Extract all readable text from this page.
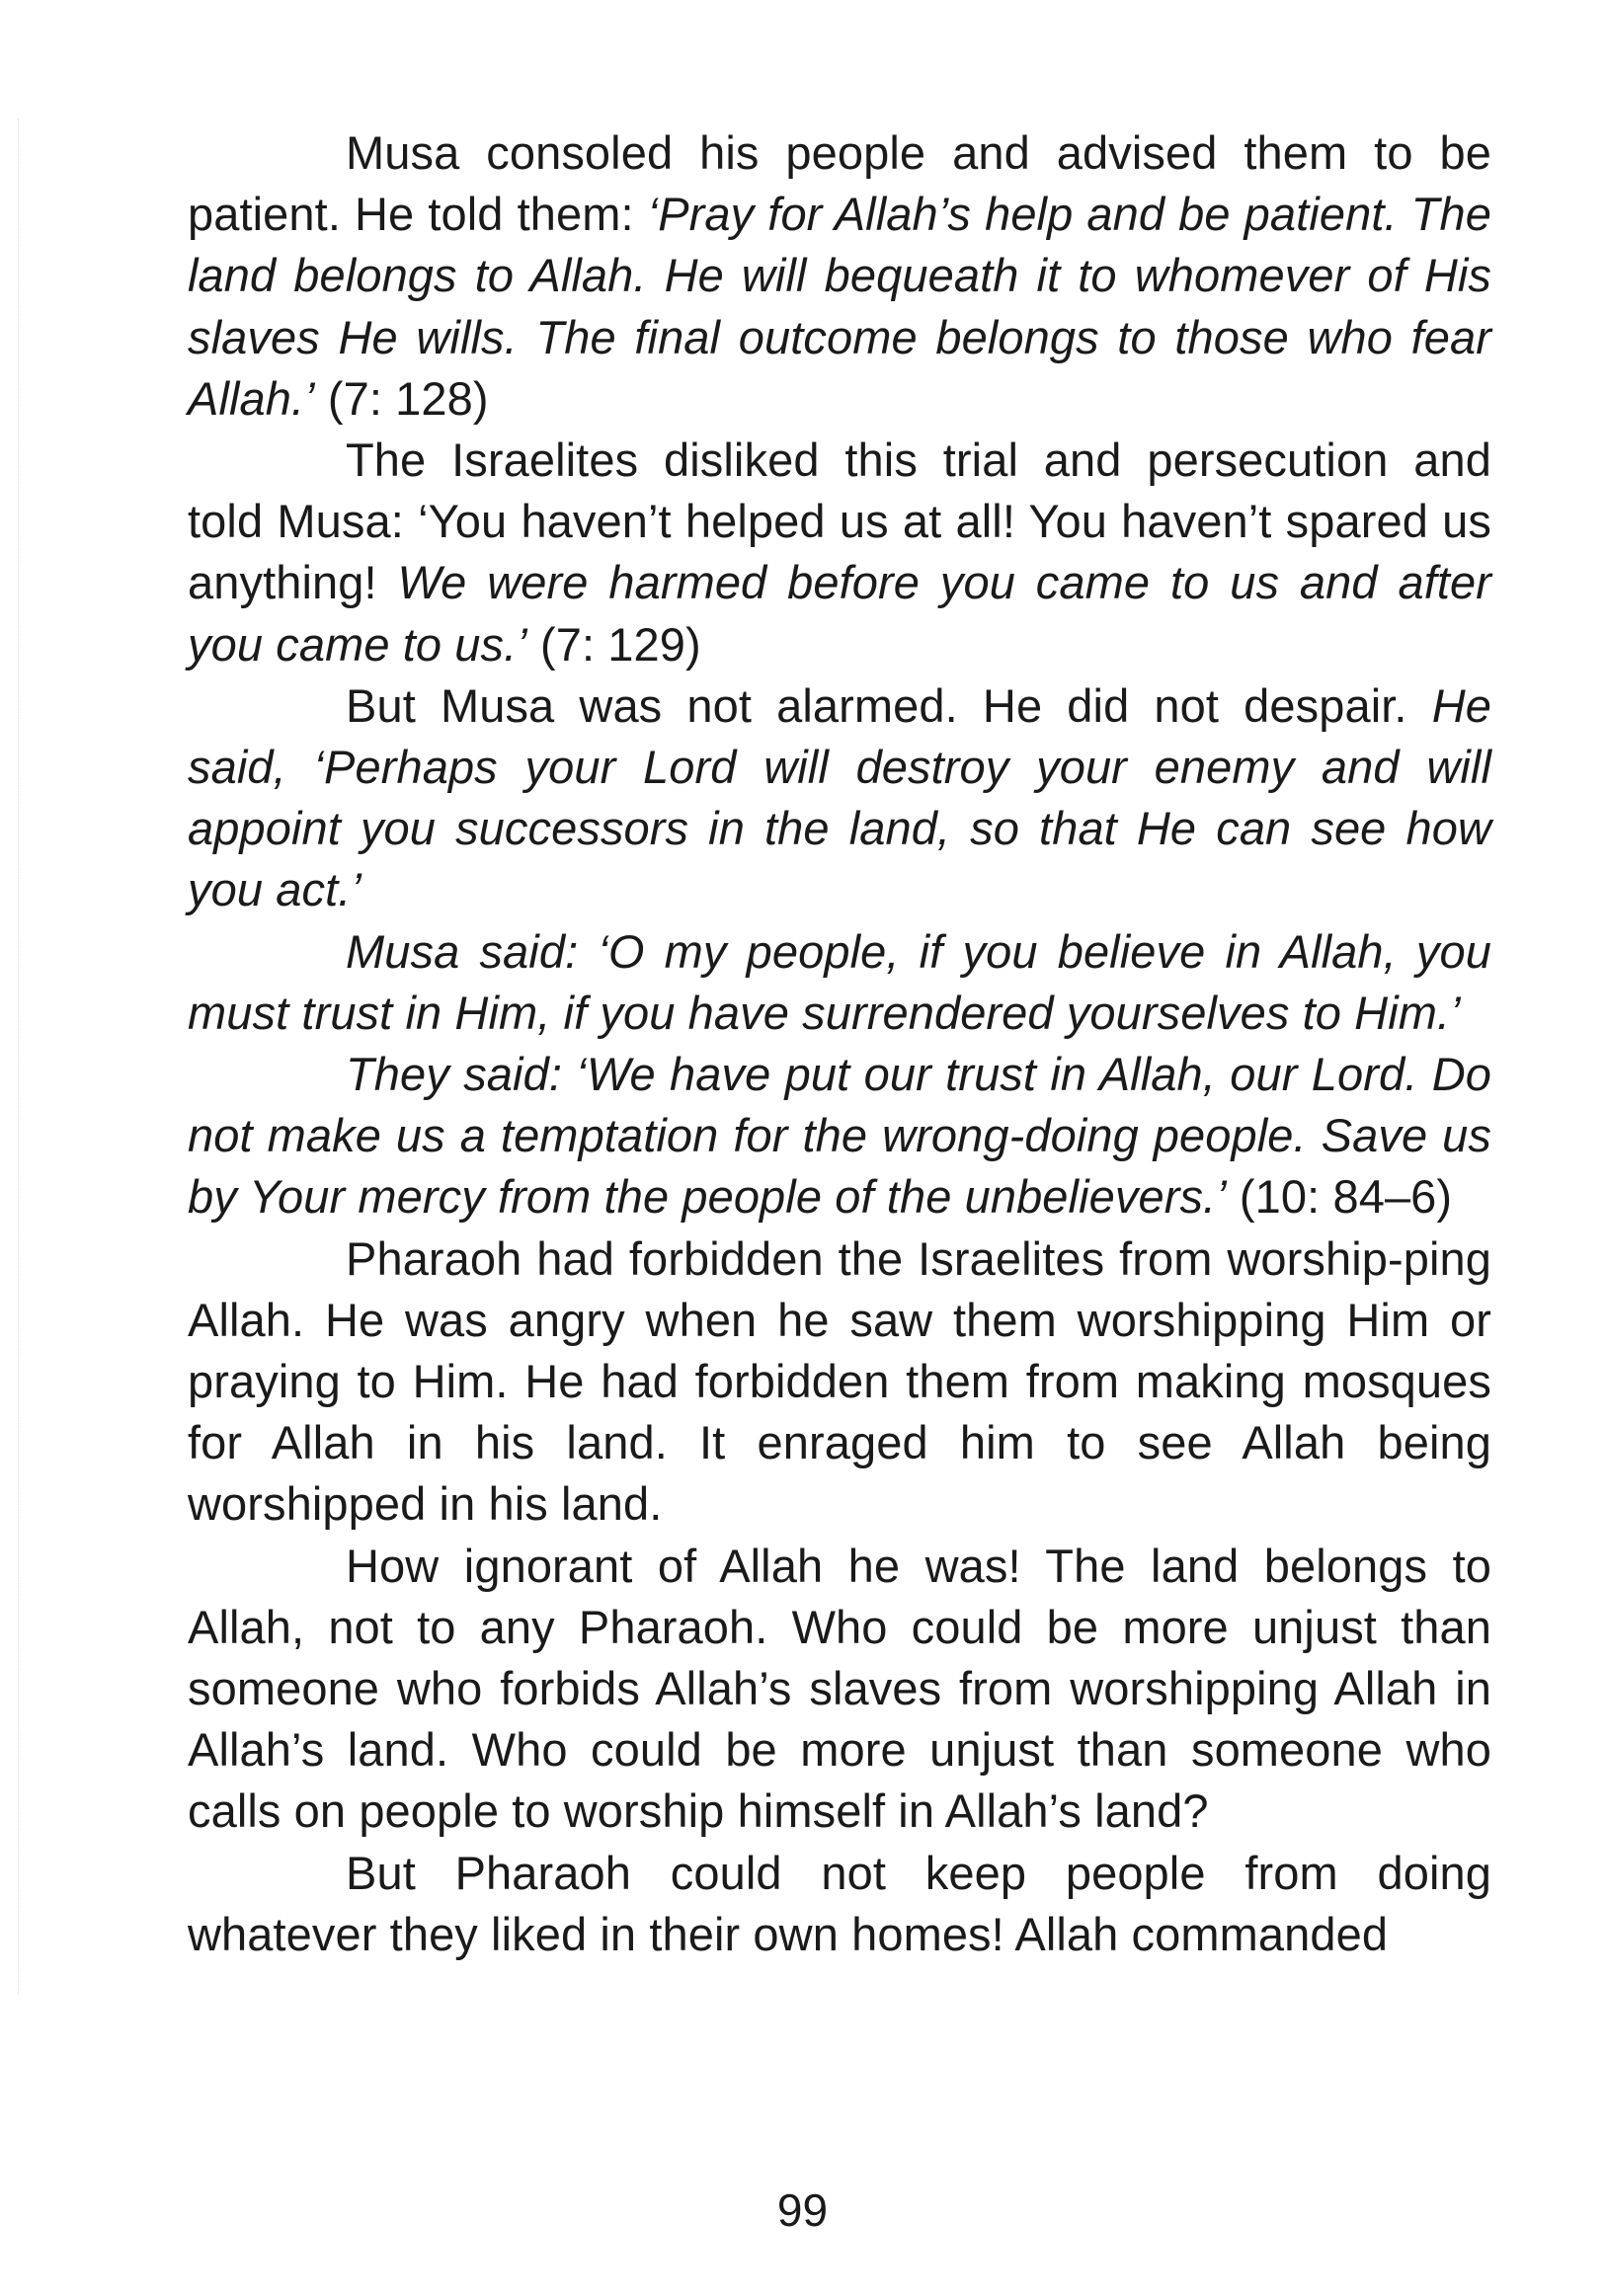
Musa consoled his people and advised them to be patient. He told them: ‘Pray for Allah’s help and be patient. The land belongs to Allah. He will bequeath it to whomever of His slaves He wills. The final outcome belongs to those who fear Allah.’ (7: 128)

The Israelites disliked this trial and persecution and told Musa: ‘You haven’t helped us at all! You haven’t spared us anything! We were harmed before you came to us and after you came to us.’ (7: 129)

But Musa was not alarmed. He did not despair. He said, ‘Perhaps your Lord will destroy your enemy and will appoint you successors in the land, so that He can see how you act.’

Musa said: ‘O my people, if you believe in Allah, you must trust in Him, if you have surrendered yourselves to Him.’

They said: ‘We have put our trust in Allah, our Lord. Do not make us a temptation for the wrong-doing people. Save us by Your mercy from the people of the unbelievers.’ (10: 84–6)

Pharaoh had forbidden the Israelites from worship-ping Allah. He was angry when he saw them worshipping Him or praying to Him. He had forbidden them from making mosques for Allah in his land. It enraged him to see Allah being worshipped in his land.

How ignorant of Allah he was! The land belongs to Allah, not to any Pharaoh. Who could be more unjust than someone who forbids Allah’s slaves from worshipping Allah in Allah’s land. Who could be more unjust than someone who calls on people to worship himself in Allah’s land?

But Pharaoh could not keep people from doing whatever they liked in their own homes! Allah commanded

99
